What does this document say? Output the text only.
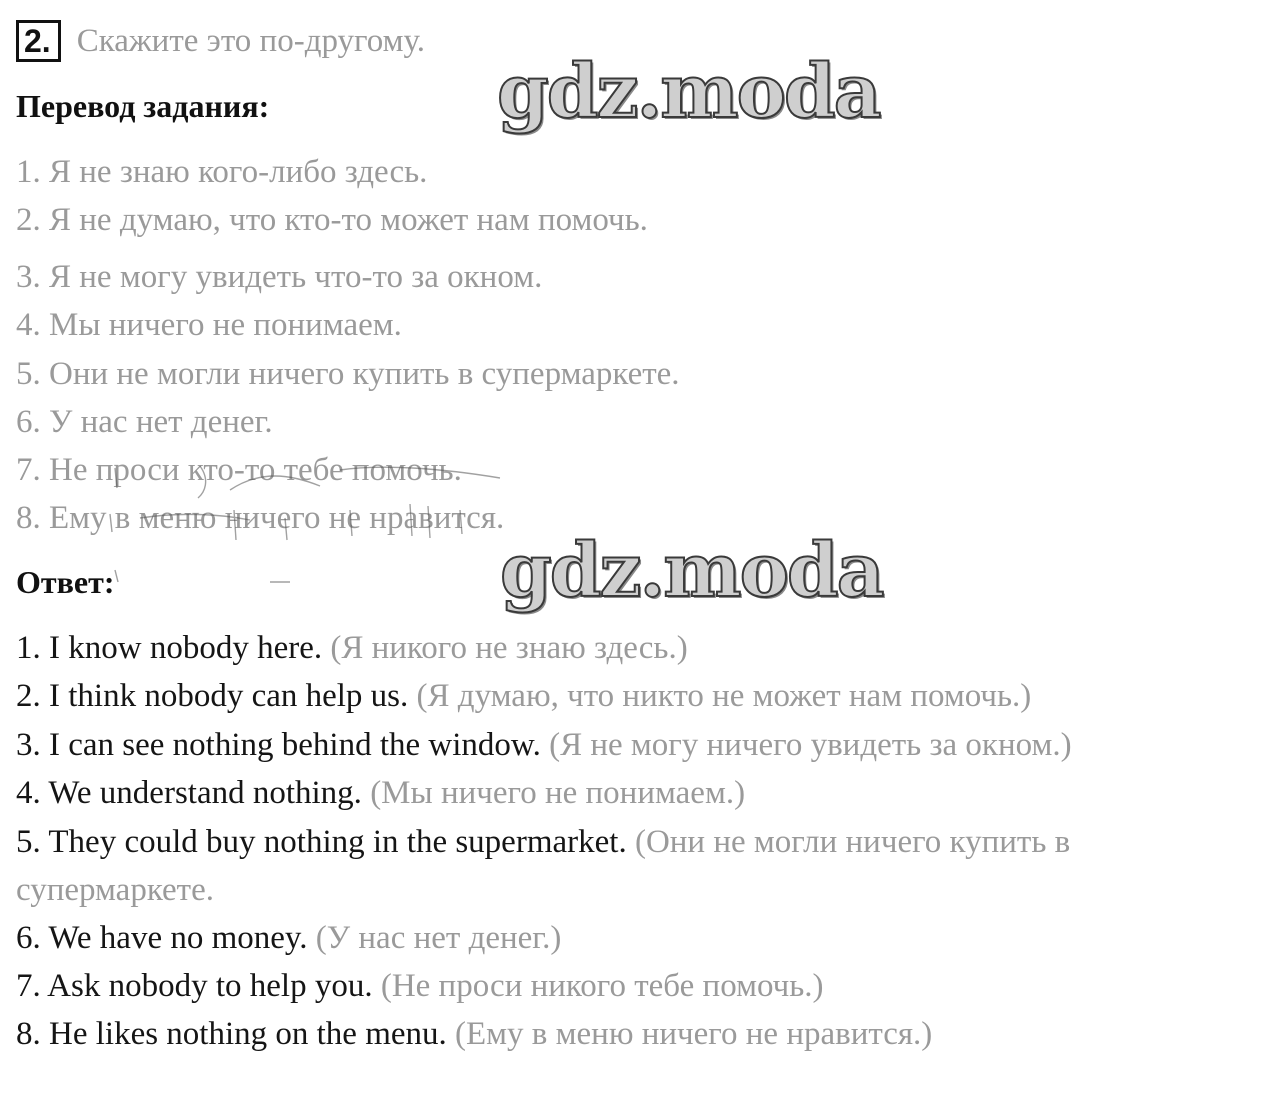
2. Скажите это по-другому.
gdz.moda
Перевод задания:
1. Я не знаю кого-либо здесь.
2. Я не думаю, что кто-то может нам помочь.
3. Я не могу увидеть что-то за окном.
4. Мы ничего не понимаем.
5. Они не могли ничего купить в супермаркете.
6. У нас нет денег.
7. Не проси кто-то тебе помочь.
8. Ему в меню ничего не нравится.
Ответ:	gdz.moda
1. I know nobody here. (Я никого не знаю здесь.)
2. I think nobody can help us. (Я думаю, что никто не может нам помочь.)
3. I can see nothing behind the window. (Я не могу ничего увидеть за окном.)
4. We understand nothing. (Мы ничего не понимаем.)
5. They could buy nothing in the supermarket. (Они не могли ничего купить в
супермаркете.
6. We have no money. (У нас нет денег.)
7. Ask nobody to help you. (Не проси никого тебе помочь.)
8. He likes nothing on the menu. (Ему в меню ничего не нравится.)
